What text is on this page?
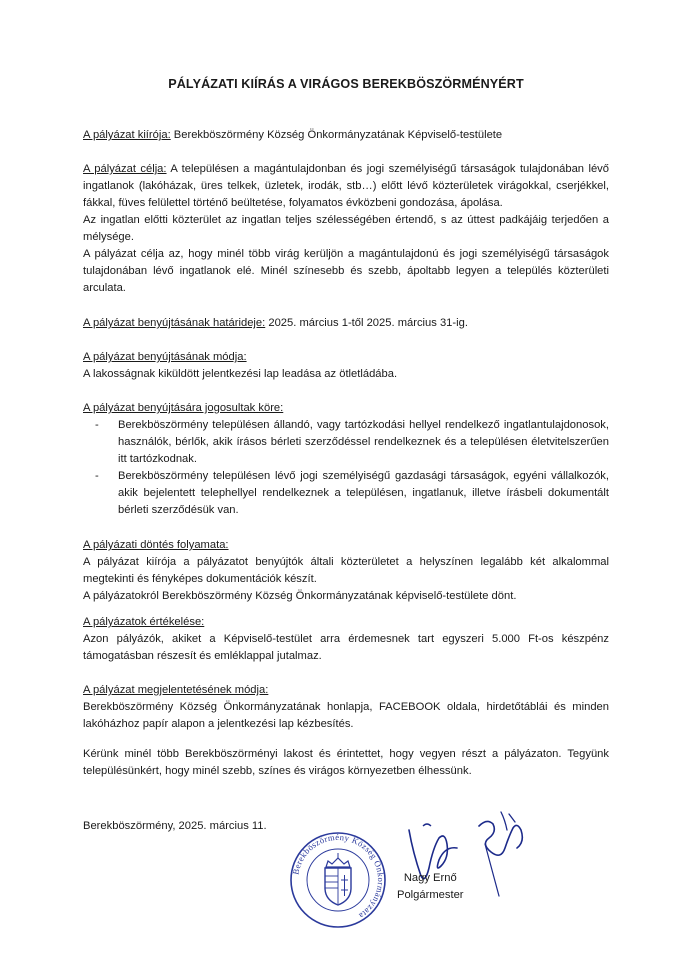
PÁLYÁZATI KIÍRÁS A VIRÁGOS BEREKBÖSZÖRMÉNYÉRT

A pályázat kiírója: Berekböszörmény Község Önkormányzatának Képviselő-testülete

A pályázat célja: A településen a magántulajdonban és jogi személyiségű társaságok tulajdonában lévő

ingatlanok (lakóházak, üres telkek, üzletek, irodák, stb…) előtt lévő közterületek virágokkal, cserjékkel,

fákkal, füves felülettel történő beültetése, folyamatos évközbeni gondozása, ápolása.

Az ingatlan előtti közterület az ingatlan teljes szélességében értendő, s az úttest padkájáig terjedően a mélysége.

A pályázat célja az, hogy minél több virág kerüljön a magántulajdonú és jogi személyiségű társaságok tulajdonában lévő ingatlanok elé. Minél színesebb és szebb, ápoltabb legyen a település közterületi arculata.

A pályázat benyújtásának határideje: 2025. március 1-től 2025. március 31-ig.

A pályázat benyújtásának módja:

A lakosságnak kiküldött jelentkezési lap leadása az ötletládába.

A pályázat benyújtására jogosultak köre:

- Berekböszörmény településen állandó, vagy tartózkodási hellyel rendelkező ingatlantulajdonosok, használók, bérlők, akik írásos bérleti szerződéssel rendelkeznek és a településen életvitelszerűen itt tartózkodnak.
- Berekböszörmény településen lévő jogi személyiségű gazdasági társaságok, egyéni vállalkozók, akik bejelentett telephellyel rendelkeznek a településen, ingatlanuk, illetve írásbeli dokumentált bérleti szerződésük van.

A pályázati döntés folyamata:

A pályázat kiírója a pályázatot benyújtók általi közterületet a helyszínen legalább két alkalommal megtekinti és fényképes dokumentációk készít.

A pályázatokról Berekböszörmény Község Önkormányzatának képviselő-testülete dönt.

A pályázatok értékelése:

Azon pályázók, akiket a Képviselő-testület arra érdemesnek tart egyszeri 5.000 Ft-os készpénz támogatásban részesít és emléklappal jutalmaz.

A pályázat megjelentetésének módja:

Berekböszörmény Község Önkormányzatának honlapja, FACEBOOK oldala, hirdetőtáblái és minden lakóházhoz papír alapon a jelentkezési lap kézbesítés.

Kérünk minél több Berekböszörményi lakost és érintettet, hogy vegyen részt a pályázaton. Tegyünk településünkért, hogy minél szebb, színes és virágos környezetben élhessünk.

Berekböszörmény, 2025. március 11.
Berekböszörmény Község Önkormányzata
Nagy Ernő
Polgármester
